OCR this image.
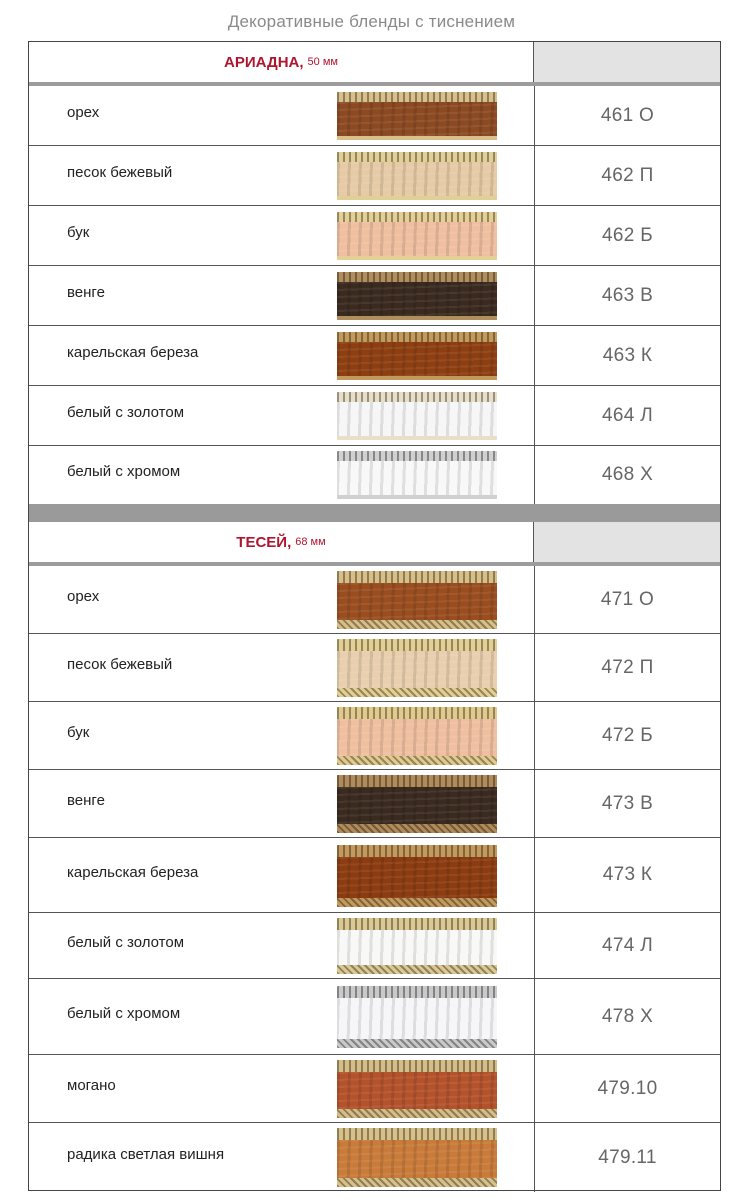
Декоративные бленды с тиснением
АРИАДНА, 50 мм
орех	461 О
песок бежевый	462 П
бук	462 Б
венге	463 В
карельская береза	463 К
белый с золотом	464 Л
белый с хромом	468 Х
ТЕСЕЙ, 68 мм
орех	471 О
песок бежевый	472 П
бук	472 Б
венге	473 В
карельская береза	473 К
белый с золотом	474 Л
белый с хромом	478 Х
могано	479.10
радика светлая вишня	479.11
